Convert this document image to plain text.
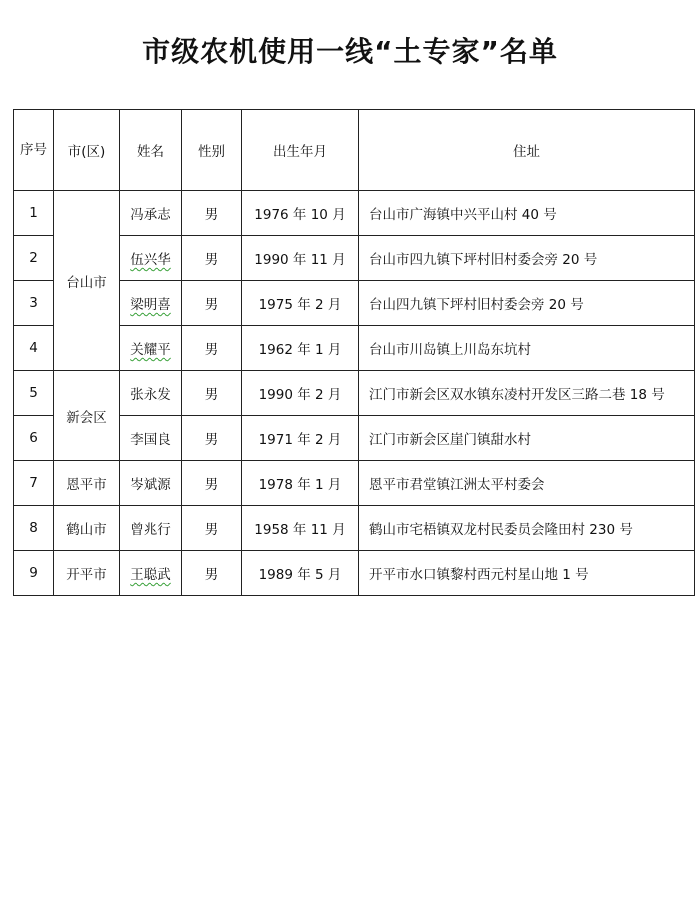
市级农机使用一线“土专家”名单
序号	市(区)	姓名	性别	出生年月	住址
1	台山市	冯承志	男	1976 年 10 月	台山市广海镇中兴平山村 40 号
2		伍兴华	男	1990 年 11 月	台山市四九镇下坪村旧村委会旁 20 号
3		梁明喜	男	1975 年 2 月	台山四九镇下坪村旧村委会旁 20 号
4		关耀平	男	1962 年 1 月	台山市川岛镇上川岛东坑村
5	新会区	张永发	男	1990 年 2 月	江门市新会区双水镇东凌村开发区三路二巷 18 号
6		李国良	男	1971 年 2 月	江门市新会区崖门镇甜水村
7	恩平市	岑斌源	男	1978 年 1 月	恩平市君堂镇江洲太平村委会
8	鹤山市	曾兆行	男	1958 年 11 月	鹤山市宅梧镇双龙村民委员会隆田村 230 号
9	开平市	王聪武	男	1989 年 5 月	开平市水口镇黎村西元村星山地 1 号
